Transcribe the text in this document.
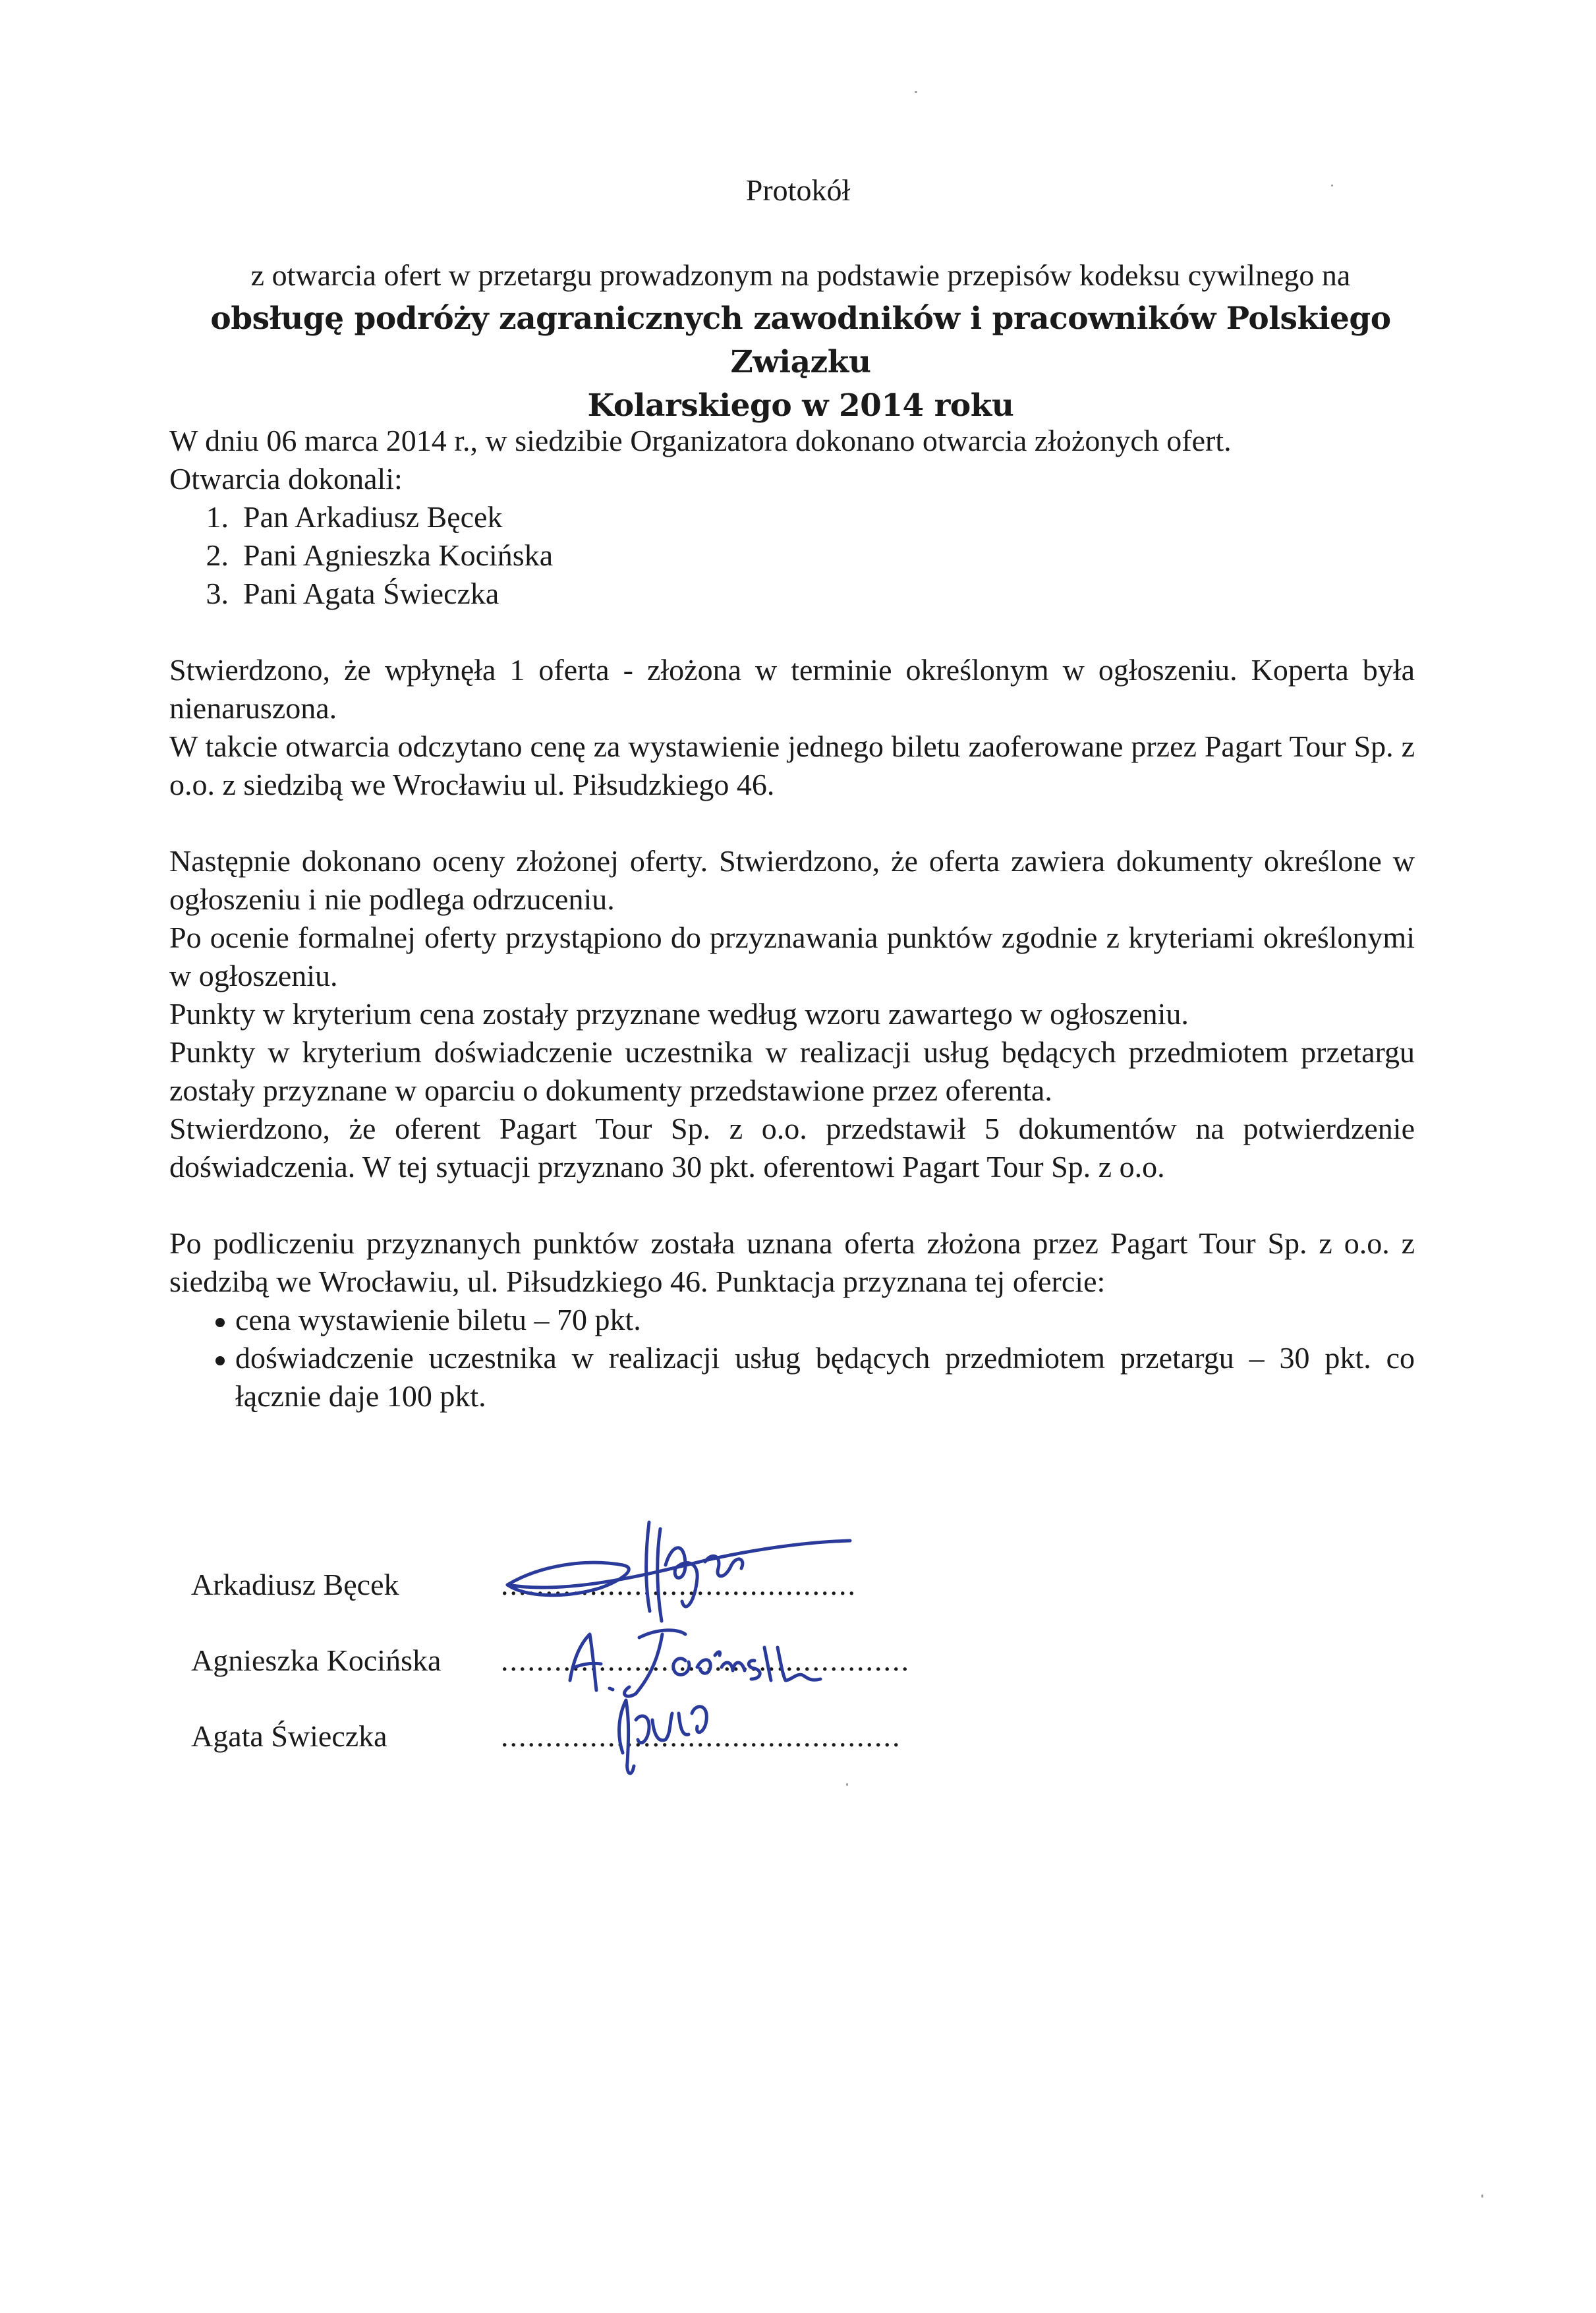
Protokół
z otwarcia ofert w przetargu prowadzonym na podstawie przepisów kodeksu cywilnego na
obsługę podróży zagranicznych zawodników i pracowników Polskiego Związku
Kolarskiego w 2014 roku

W dniu 06 marca 2014 r., w siedzibie Organizatora dokonano otwarcia złożonych ofert.

Otwarcia dokonali:

1. Pan Arkadiusz Bęcek
2. Pani Agnieszka Kocińska
3. Pani Agata Świeczka

Stwierdzono, że wpłynęła 1 oferta - złożona w terminie określonym w ogłoszeniu. Koperta była nienaruszona.

W takcie otwarcia odczytano cenę za wystawienie jednego biletu zaoferowane przez Pagart Tour Sp. z o.o. z siedzibą we Wrocławiu ul. Piłsudzkiego 46.

Następnie dokonano oceny złożonej oferty. Stwierdzono, że oferta zawiera dokumenty określone w ogłoszeniu i nie podlega odrzuceniu.

Po ocenie formalnej oferty przystąpiono do przyznawania punktów zgodnie z kryteriami określonymi w ogłoszeniu.

Punkty w kryterium cena zostały przyznane według wzoru zawartego w ogłoszeniu.

Punkty w kryterium doświadczenie uczestnika w realizacji usług będących przedmiotem przetargu zostały przyznane w oparciu o dokumenty przedstawione przez oferenta.

Stwierdzono, że oferent Pagart Tour Sp. z o.o. przedstawił 5 dokumentów na potwierdzenie doświadczenia. W tej sytuacji przyznano 30 pkt. oferentowi Pagart Tour Sp. z o.o.

Po podliczeniu przyznanych punktów została uznana oferta złożona przez Pagart Tour Sp. z o.o. z siedzibą we Wrocławiu, ul. Piłsudzkiego 46. Punktacja przyznana tej ofercie:

cena wystawienie biletu – 70 pkt.
doświadczenie uczestnika w realizacji usług będących przedmiotem przetargu – 30 pkt. co łącznie daje 100 pkt.
Arkadiusz Bęcek	........................................
Agnieszka Kocińska ..............................................
Agata Świeczka	.............................................
